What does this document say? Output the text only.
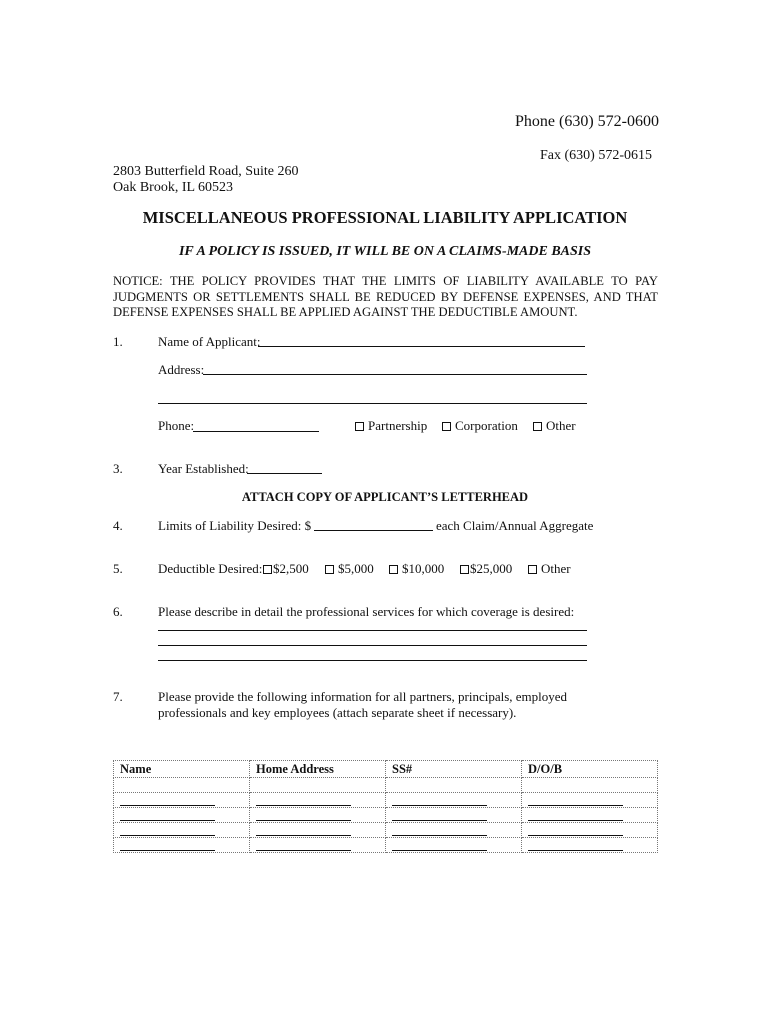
Phone (630) 572-0600
Fax (630) 572-0615
2803 Butterfield Road, Suite 260
Oak Brook, IL 60523
MISCELLANEOUS PROFESSIONAL LIABILITY APPLICATION
IF A POLICY IS ISSUED, IT WILL BE ON A CLAIMS-MADE BASIS
NOTICE: THE POLICY PROVIDES THAT THE LIMITS OF LIABILITY AVAILABLE TO PAY
JUDGMENTS OR SETTLEMENTS SHALL BE REDUCED BY DEFENSE EXPENSES, AND THAT
DEFENSE EXPENSES SHALL BE APPLIED AGAINST THE DEDUCTIBLE AMOUNT.
1.	Name of Applicant:
Address:
Phone:	Partnership	Corporation	Other
3.	Year Established:
ATTACH COPY OF APPLICANT’S LETTERHEAD
4.	Limits of Liability Desired: $	each Claim/Annual Aggregate
5.	Deductible Desired: $2,500	$5,000	$10,000	$25,000	Other
6.	Please describe in detail the professional services for which coverage is desired:
7.	Please provide the following information for all partners, principals, employed
professionals and key employees (attach separate sheet if necessary).
Name	Home Address	SS#	D/O/B
